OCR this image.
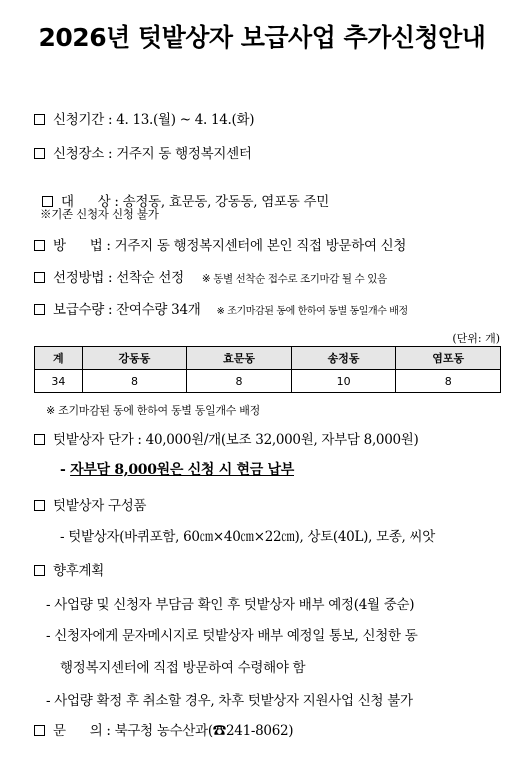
2026년 텃밭상자 보급사업 추가신청안내
신청기간 : 4. 13.(월) ~ 4. 14.(화)
신청장소 : 거주지 동 행정복지센터

대      상 : 송정동, 효문동, 강동동, 염포동 주민

※기존 신청자 신청 불가
방      법 : 거주지 동 행정복지센터에 본인 직접 방문하여 신청
선정방법 : 선착순 선정 ※ 동별 선착순 접수로 조기마감 될 수 있음
보급수량 : 잔여수량 34개 ※ 조기마감된 동에 한하여 동별 동일개수 배정
(단위: 개)
계	강동동	효문동	송정동	염포동
34	8	8	10	8
※ 조기마감된 동에 한하여 동별 동일개수 배정
텃밭상자 단가 : 40,000원/개(보조 32,000원, 자부담 8,000원)
- 자부담 8,000원은 신청 시 현금 납부
텃밭상자 구성품
- 텃밭상자(바퀴포함, 60㎝×40㎝×22㎝), 상토(40L), 모종, 씨앗
향후계획
- 사업량 및 신청자 부담금 확인 후 텃밭상자 배부 예정(4월 중순)
- 신청자에게 문자메시지로 텃밭상자 배부 예정일 통보, 신청한 동
행정복지센터에 직접 방문하여 수령해야 함
- 사업량 확정 후 취소할 경우, 차후 텃밭상자 지원사업 신청 불가
문      의 : 북구청 농수산과(☎241-8062)
